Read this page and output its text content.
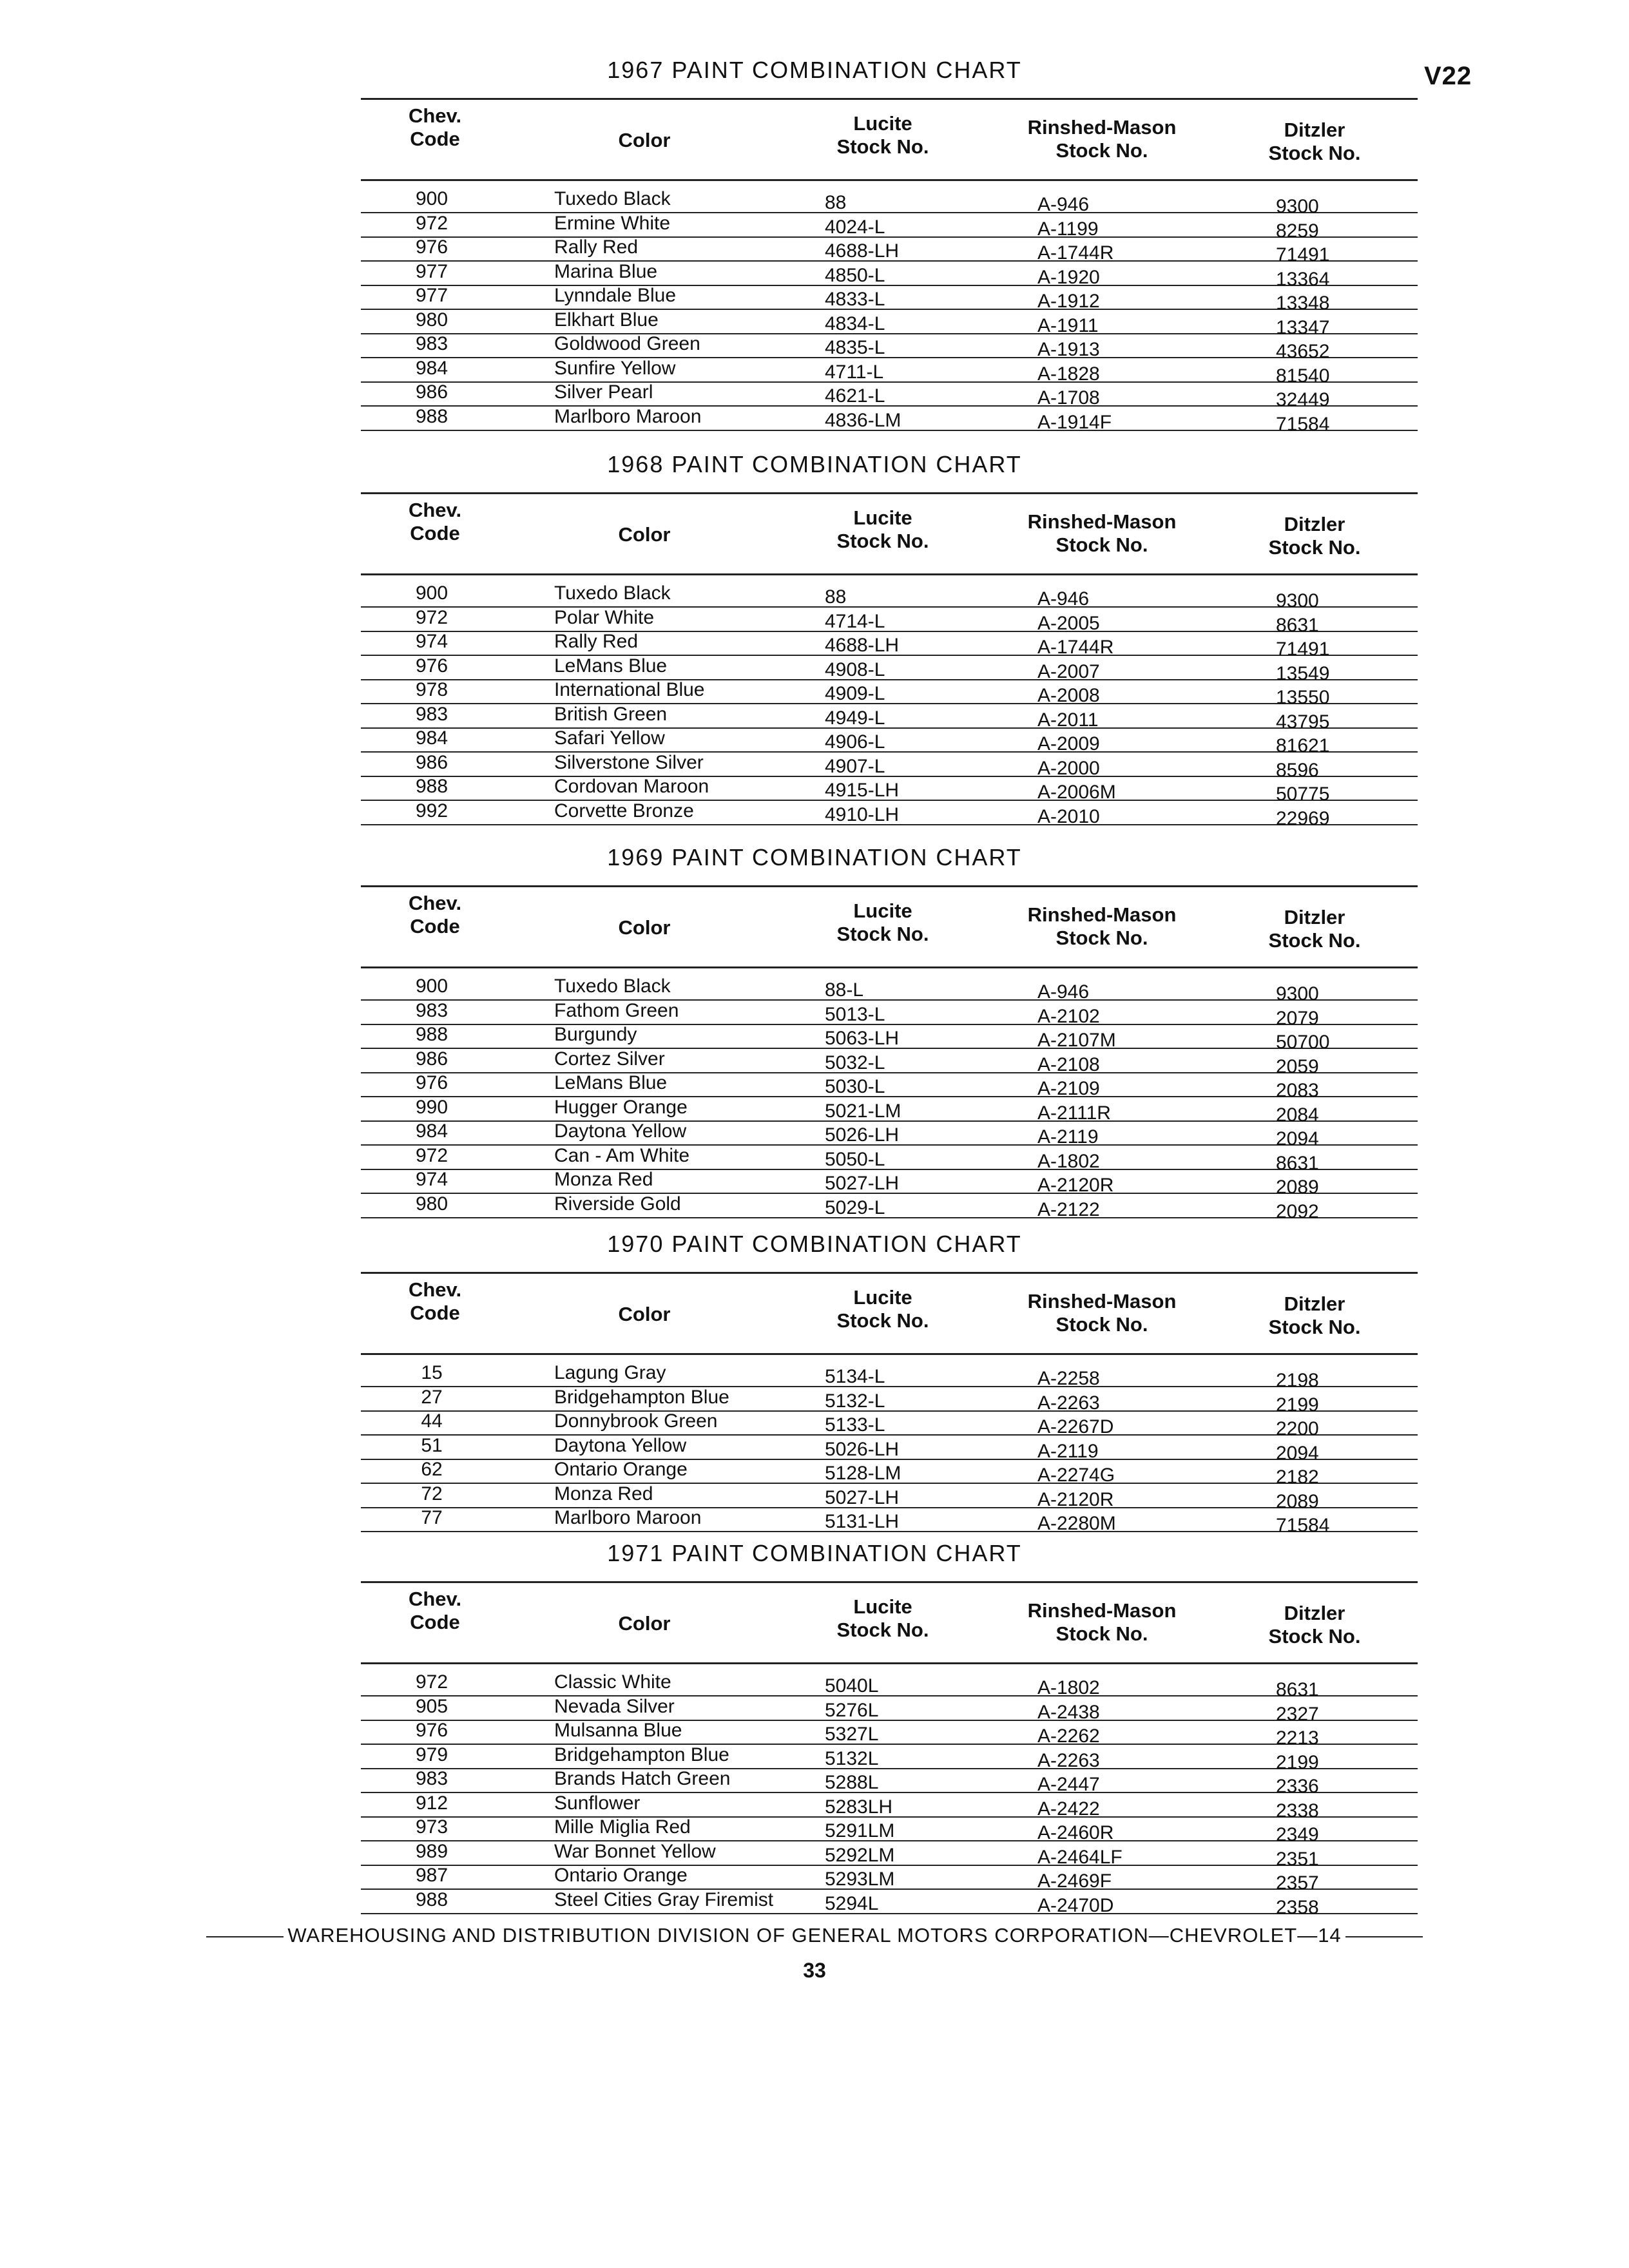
V22
1967 PAINT COMBINATION CHART
Chev.
Code	Color
Lucite
Stock No.
Rinshed-Mason
Stock No.
Ditzler
Stock No.
900	Tuxedo Black	88	A-946	9300
972	Ermine White	4024-L	A-1199	8259
976	Rally Red	4688-LH	A-1744R	71491
977	Marina Blue	4850-L	A-1920	13364
977	Lynndale Blue	4833-L	A-1912	13348
980	Elkhart Blue	4834-L	A-1911	13347
983	Goldwood Green	4835-L	A-1913	43652
984	Sunfire Yellow	4711-L	A-1828	81540
986	Silver Pearl	4621-L	A-1708	32449
988	Marlboro Maroon	4836-LM	A-1914F	71584
1968 PAINT COMBINATION CHART
Chev.
Code	Color
Lucite
Stock No.
Rinshed-Mason
Stock No.
Ditzler
Stock No.
900	Tuxedo Black	88	A-946	9300
972	Polar White	4714-L	A-2005	8631
974	Rally Red	4688-LH	A-1744R	71491
976	LeMans Blue	4908-L	A-2007	13549
978	International Blue	4909-L	A-2008	13550
983	British Green	4949-L	A-2011	43795
984	Safari Yellow	4906-L	A-2009	81621
986	Silverstone Silver	4907-L	A-2000	8596
988	Cordovan Maroon	4915-LH	A-2006M	50775
992	Corvette Bronze	4910-LH	A-2010	22969
1969 PAINT COMBINATION CHART
Chev.
Code	Color
Lucite
Stock No.
Rinshed-Mason
Stock No.
Ditzler
Stock No.
900	Tuxedo Black	88-L	A-946	9300
983	Fathom Green	5013-L	A-2102	2079
988	Burgundy	5063-LH	A-2107M	50700
986	Cortez Silver	5032-L	A-2108	2059
976	LeMans Blue	5030-L	A-2109	2083
990	Hugger Orange	5021-LM	A-2111R	2084
984	Daytona Yellow	5026-LH	A-2119	2094
972	Can - Am White	5050-L	A-1802	8631
974	Monza Red	5027-LH	A-2120R	2089
980	Riverside Gold	5029-L	A-2122	2092
1970 PAINT COMBINATION CHART
Chev.
Code	Color
Lucite
Stock No.
Rinshed-Mason
Stock No.
Ditzler
Stock No.
15	Lagung Gray	5134-L	A-2258	2198
27	Bridgehampton Blue	5132-L	A-2263	2199
44	Donnybrook Green	5133-L	A-2267D	2200
51	Daytona Yellow	5026-LH	A-2119	2094
62	Ontario Orange	5128-LM	A-2274G	2182
72	Monza Red	5027-LH	A-2120R	2089
77	Marlboro Maroon	5131-LH	A-2280M	71584
1971 PAINT COMBINATION CHART
Chev.
Code	Color
Lucite
Stock No.
Rinshed-Mason
Stock No.
Ditzler
Stock No.
972	Classic White	5040L	A-1802	8631
905	Nevada Silver	5276L	A-2438	2327
976	Mulsanna Blue	5327L	A-2262	2213
979	Bridgehampton Blue	5132L	A-2263	2199
983	Brands Hatch Green	5288L	A-2447	2336
912	Sunflower	5283LH	A-2422	2338
973	Mille Miglia Red	5291LM	A-2460R	2349
989	War Bonnet Yellow	5292LM	A-2464LF	2351
987	Ontario Orange	5293LM	A-2469F	2357
988	Steel Cities Gray Firemist	5294L	A-2470D	2358
WAREHOUSING AND DISTRIBUTION DIVISION OF GENERAL MOTORS CORPORATION—CHEVROLET—14
33
